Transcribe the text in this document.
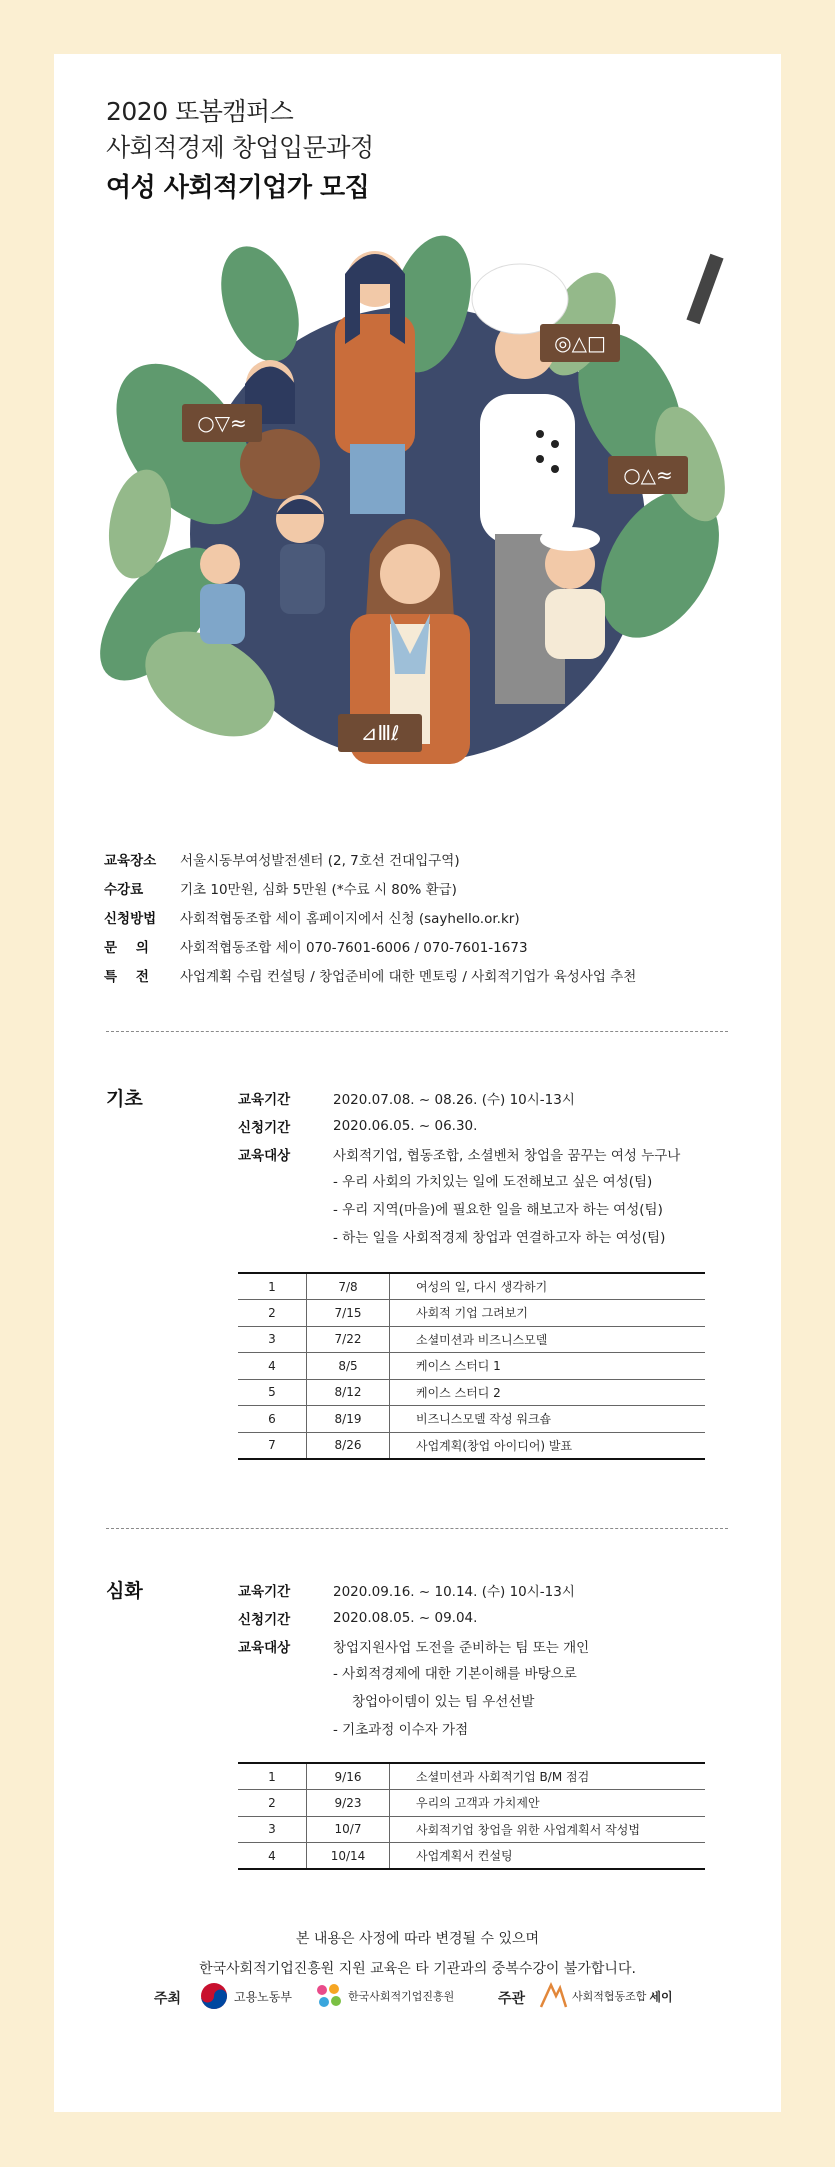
2020 또봄캠퍼스
사회적경제 창업입문과정
여성 사회적기업가 모집
◎△□
○▽≈
○△≈
⊿Ⅲℓ
교육장소	서울시동부여성발전센터 (2, 7호선 건대입구역)
수강료	기초 10만원, 심화 5만원 (*수료 시 80% 환급)
신청방법	사회적협동조합 세이 홈페이지에서 신청 (sayhello.or.kr)
문    의	사회적협동조합 세이 070-7601-6006 / 070-7601-1673
특    전	사업계획 수립 컨설팅 / 창업준비에 대한 멘토링 / 사회적기업가 육성사업 추천
기초	교육기간	2020.07.08. ~ 08.26. (수) 10시-13시
신청기간	2020.06.05. ~ 06.30.
교육대상	사회적기업, 협동조합, 소셜벤처 창업을 꿈꾸는 여성 누구나
- 우리 사회의 가치있는 일에 도전해보고 싶은 여성(팀)
- 우리 지역(마을)에 필요한 일을 해보고자 하는 여성(팀)
- 하는 일을 사회적경제 창업과 연결하고자 하는 여성(팀)
1	7/8	여성의 일, 다시 생각하기
2	7/15	사회적 기업 그려보기
3	7/22	소셜미션과 비즈니스모델
4	8/5	케이스 스터디 1
5	8/12	케이스 스터디 2
6	8/19	비즈니스모델 작성 워크숍
7	8/26	사업계획(창업 아이디어) 발표
심화	교육기간	2020.09.16. ~ 10.14. (수) 10시-13시
신청기간	2020.08.05. ~ 09.04.
교육대상	창업지원사업 도전을 준비하는 팀 또는 개인
- 사회적경제에 대한 기본이해를 바탕으로
창업아이템이 있는 팀 우선선발
- 기초과정 이수자 가점
1	9/16	소셜미션과 사회적기업 B/M 점검
2	9/23	우리의 고객과 가치제안
3	10/7	사회적기업 창업을 위한 사업계획서 작성법
4	10/14	사업계획서 컨설팅
본 내용은 사정에 따라 변경될 수 있으며
한국사회적기업진흥원 지원 교육은 타 기관과의 중복수강이 불가합니다.
주최	고용노동부	한국사회적기업진흥원	주관	사회적협동조합 세이
